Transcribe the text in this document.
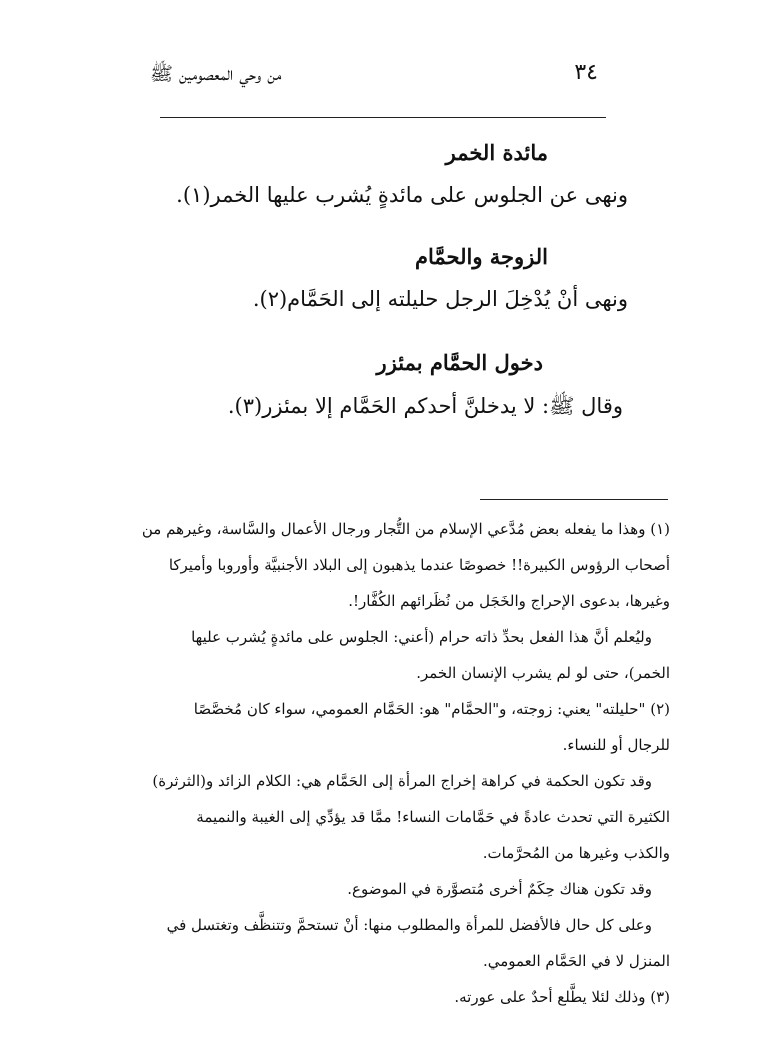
٣٤
من وحي المعصومين ﷺ
مائدة الخمر

ونهى عن الجلوس على مائدةٍ يُشرب عليها الخمر(١).

الزوجة والحمَّام

ونهى أنْ يُدْخِلَ الرجل حليلته إلى الحَمَّام(٢).

دخول الحمَّام بمئزر

وقال ﷺ: لا يدخلنَّ أحدكم الحَمَّام إلا بمئزر(٣).

(١) وهذا ما يفعله بعض مُدَّعي الإسلام من التُّجار ورجال الأعمال والسَّاسة، وغيرهم من
أصحاب الرؤوس الكبيرة!! خصوصًا عندما يذهبون إلى البلاد الأجنبيَّة وأوروبا وأميركا
وغيرها، بدعوى الإحراج والخَجَل من نُظَرائهم الكُفَّار!.
وليُعلم أنَّ هذا الفعل بحدِّ ذاته حرام (أعني: الجلوس على مائدةٍ يُشرب عليها
الخمر)، حتى لو لم يشرب الإنسان الخمر.
(٢) "حليلته" يعني: زوجته، و"الحمَّام" هو: الحَمَّام العمومي، سواء كان مُخصَّصًا
للرجال أو للنساء.
وقد تكون الحكمة في كراهة إخراج المرأة إلى الحَمَّام هي: الكلام الزائد و(الثرثرة)
الكثيرة التي تحدث عادةً في حَمَّامات النساء! ممَّا قد يؤدِّي إلى الغيبة والنميمة
والكذب وغيرها من المُحرَّمات.
وقد تكون هناك حِكَمٌ أخرى مُتصوَّرة في الموضوع.
وعلى كل حال فالأفضل للمرأة والمطلوب منها: أنْ تستحمَّ وتتنظَّف وتغتسل في
المنزل لا في الحَمَّام العمومي.
(٣) وذلك لئلا يطَّلع أحدٌ على عورته.
